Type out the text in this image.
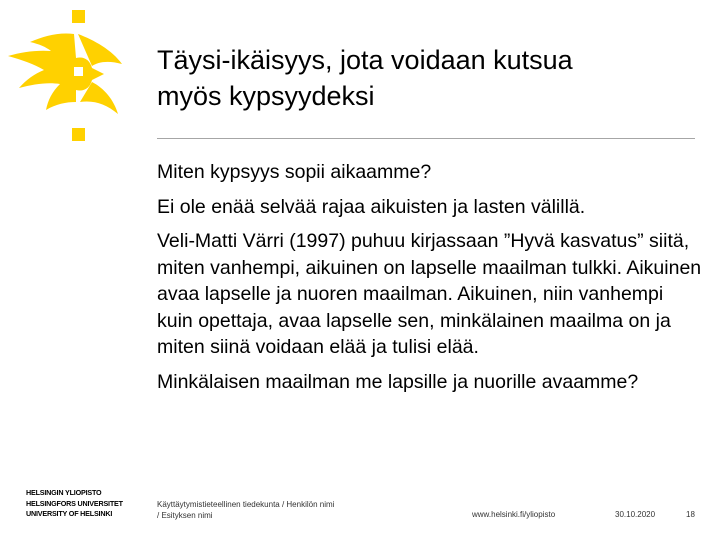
Täysi-ikäisyys, jota voidaan kutsua
myös kypsyydeksi

Miten kypsyys sopii aikaamme?

Ei ole enää selvää rajaa aikuisten ja lasten välillä.

Veli-Matti Värri (1997) puhuu kirjassaan ”Hyvä kasvatus” siitä, miten vanhempi, aikuinen on lapselle maailman tulkki. Aikuinen avaa lapselle ja nuoren maailman. Aikuinen, niin vanhempi kuin opettaja, avaa lapselle sen, minkälainen maailma on ja miten siinä voidaan elää ja tulisi elää.

Minkälaisen maailman me lapsille ja nuorille avaamme?

HELSINGIN YLIOPISTO
HELSINGFORS UNIVERSITET
UNIVERSITY OF HELSINKI
Käyttäytymistieteellinen tiedekunta / Henkilön nimi
/ Esityksen nimi	www.helsinki.fi/yliopisto	30.10.2020	18
